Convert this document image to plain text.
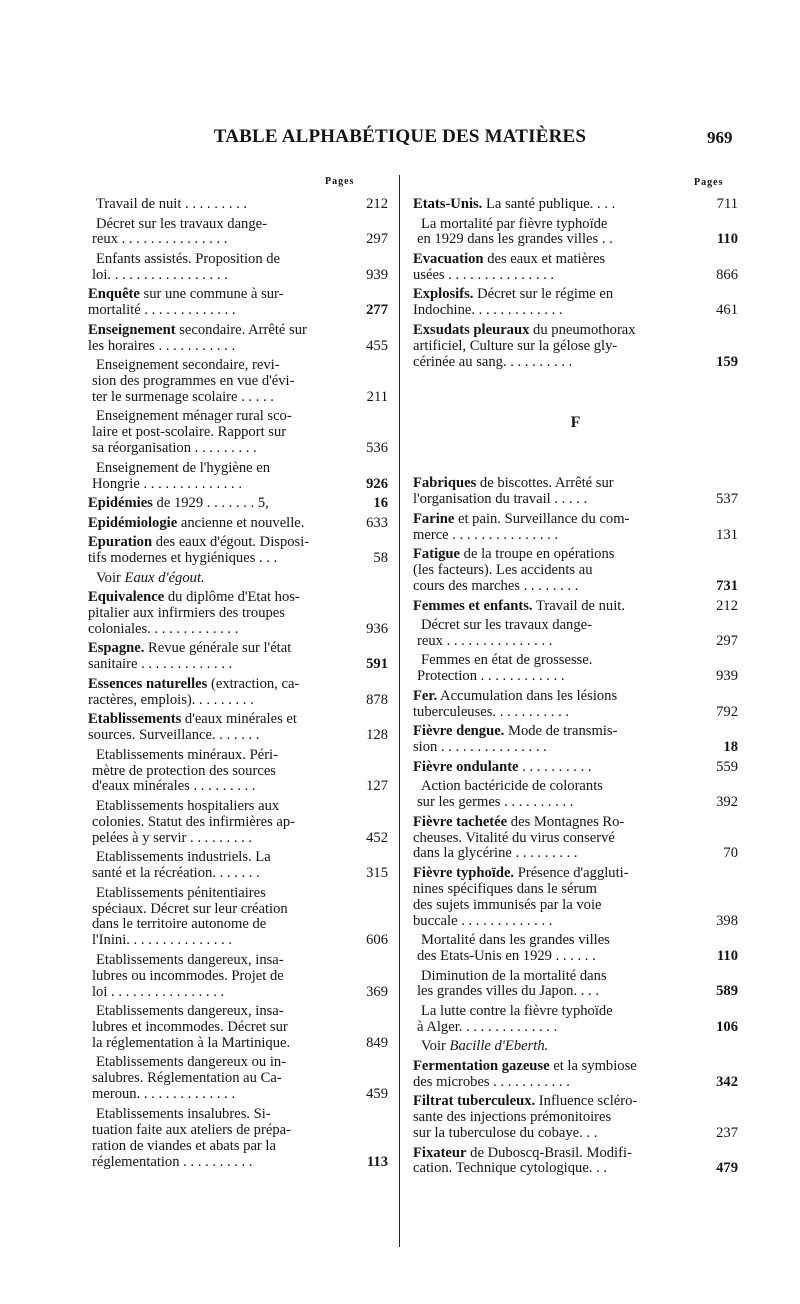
TABLE ALPHABÉTIQUE DES MATIÈRES	969
Pages	Pages
Travail de nuit . . . . . . . . .	212
Décret sur les travaux dange-
reux . . . . . . . . . . . . . . .	297
Enfants assistés. Proposition de
loi. . . . . . . . . . . . . . . . .	939
Enquête sur une commune à sur-
mortalité . . . . . . . . . . . . .	277
Enseignement secondaire. Arrêté sur
les horaires . . . . . . . . . . .	455
Enseignement secondaire, revi-
sion des programmes en vue d'évi-
ter le surmenage scolaire . . . . .	211
Enseignement ménager rural sco-
laire et post-scolaire. Rapport sur
sa réorganisation . . . . . . . . .	536
Enseignement de l'hygiène en
Hongrie . . . . . . . . . . . . . .	926
Epidémies de 1929 . . . . . . . 5,	16
Epidémiologie ancienne et nouvelle.	633
Epuration des eaux d'égout. Disposi-
tifs modernes et hygiéniques . . .	58
Voir Eaux d'égout.
Equivalence du diplôme d'Etat hos-
pitalier aux infirmiers des troupes
coloniales. . . . . . . . . . . . .	936
Espagne. Revue générale sur l'état
sanitaire . . . . . . . . . . . . .	591
Essences naturelles (extraction, ca-
ractères, emplois). . . . . . . . .	878
Etablissements d'eaux minérales et
sources. Surveillance. . . . . . .	128
Etablissements minéraux. Péri-
mètre de protection des sources
d'eaux minérales . . . . . . . . .	127
Etablissements hospitaliers aux
colonies. Statut des infirmières ap-
pelées à y servir . . . . . . . . .	452
Etablissements industriels. La
santé et la récréation. . . . . . .	315
Etablissements pénitentiaires
spéciaux. Décret sur leur création
dans le territoire autonome de
l'Inini. . . . . . . . . . . . . . .	606
Etablissements dangereux, insa-
lubres ou incommodes. Projet de
loi . . . . . . . . . . . . . . . .	369
Etablissements dangereux, insa-
lubres et incommodes. Décret sur
la réglementation à la Martinique.	849
Etablissements dangereux ou in-
salubres. Réglementation au Ca-
meroun. . . . . . . . . . . . . .	459
Etablissements insalubres. Si-
tuation faite aux ateliers de prépa-
ration de viandes et abats par la
réglementation . . . . . . . . . .	113
Etats-Unis. La santé publique. . . .	711
La mortalité par fièvre typhoïde
en 1929 dans les grandes villes . .	110
Evacuation des eaux et matières
usées . . . . . . . . . . . . . . .	866
Explosifs. Décret sur le régime en
Indochine. . . . . . . . . . . . .	461
Exsudats pleuraux du pneumothorax
artificiel, Culture sur la gélose gly-
cérinée au sang. . . . . . . . . .	159
F
Fabriques de biscottes. Arrêté sur
l'organisation du travail . . . . .	537
Farine et pain. Surveillance du com-
merce . . . . . . . . . . . . . . .	131
Fatigue de la troupe en opérations
(les facteurs). Les accidents au
cours des marches . . . . . . . .	731
Femmes et enfants. Travail de nuit.	212
Décret sur les travaux dange-
reux . . . . . . . . . . . . . . .	297
Femmes en état de grossesse.
Protection . . . . . . . . . . . .	939
Fer. Accumulation dans les lésions
tuberculeuses. . . . . . . . . . .	792
Fièvre dengue. Mode de transmis-
sion . . . . . . . . . . . . . . .	18
Fièvre ondulante . . . . . . . . . .	559
Action bactéricide de colorants
sur les germes . . . . . . . . . .	392
Fièvre tachetée des Montagnes Ro-
cheuses. Vitalité du virus conservé
dans la glycérine . . . . . . . . .	70
Fièvre typhoïde. Présence d'aggluti-
nines spécifiques dans le sérum
des sujets immunisés par la voie
buccale . . . . . . . . . . . . .	398
Mortalité dans les grandes villes
des Etats-Unis en 1929 . . . . . .	110
Diminution de la mortalité dans
les grandes villes du Japon. . . .	589
La lutte contre la fièvre typhoïde
à Alger. . . . . . . . . . . . . .	106
Voir Bacille d'Eberth.
Fermentation gazeuse et la symbiose
des microbes . . . . . . . . . . .	342
Filtrat tuberculeux. Influence scléro-
sante des injections prémonitoires
sur la tuberculose du cobaye. . .	237
Fixateur de Duboscq-Brasil. Modifi-
cation. Technique cytologique. . .	479
